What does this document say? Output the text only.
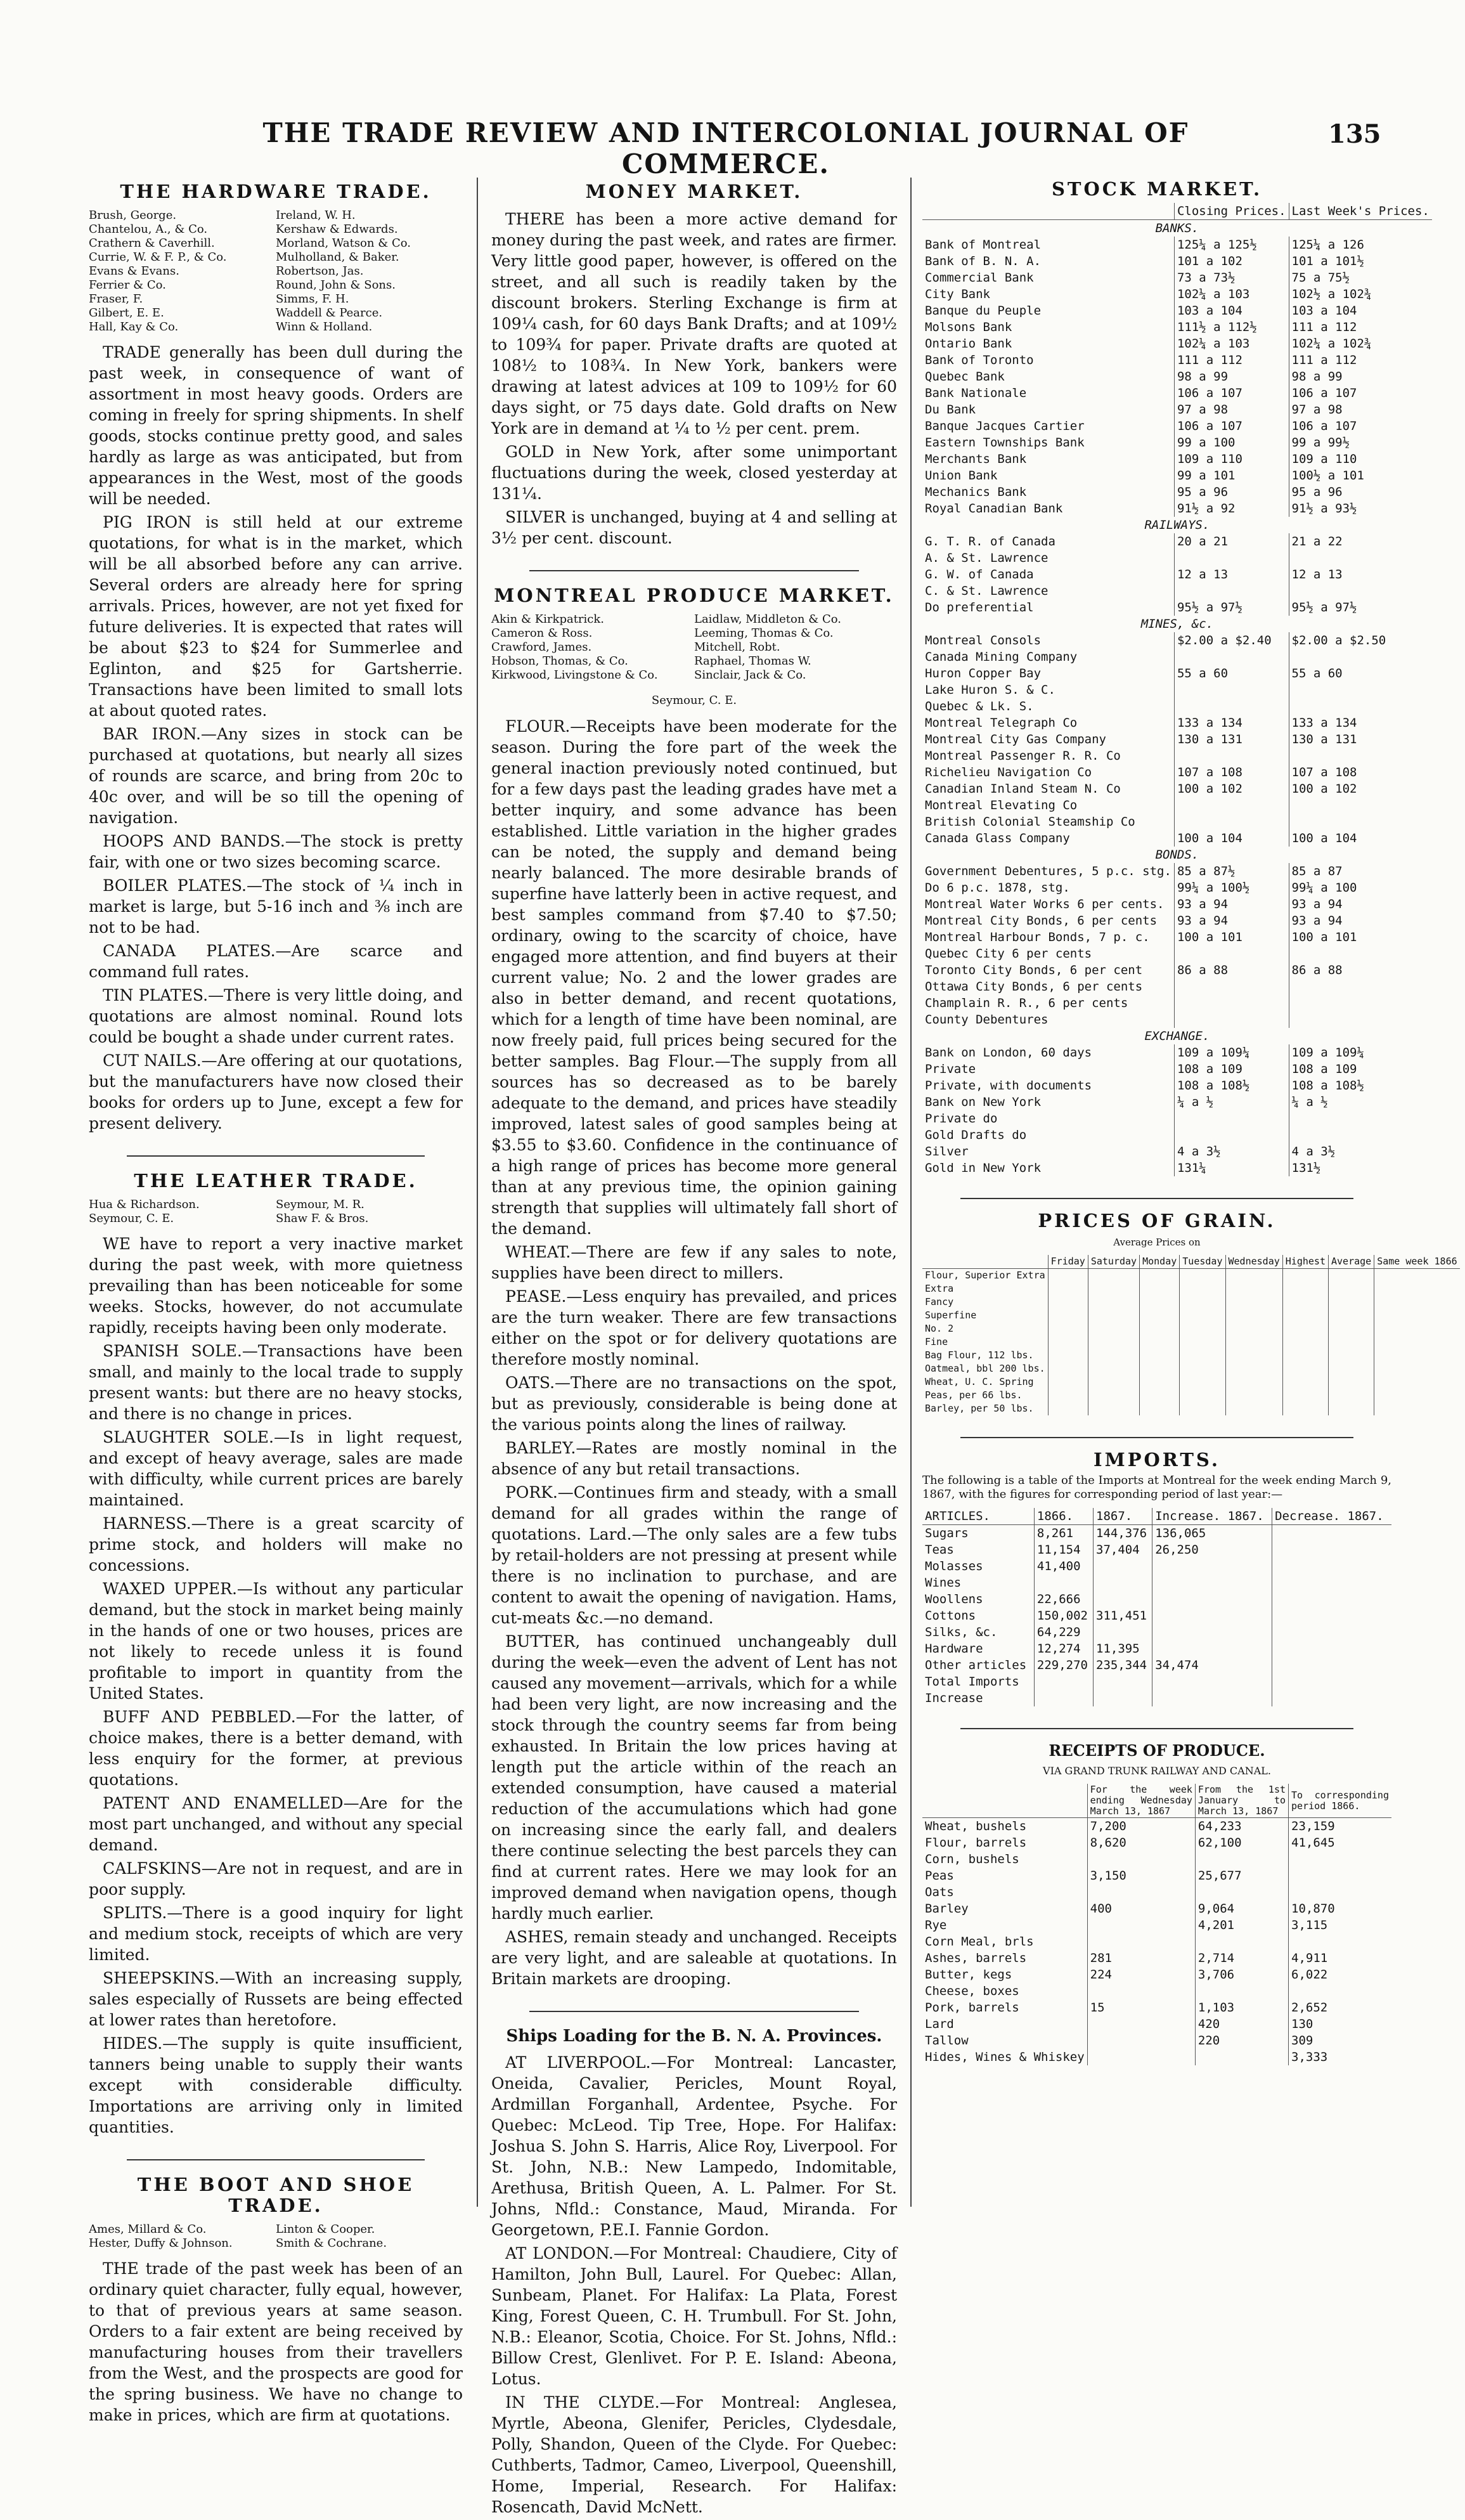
THE TRADE REVIEW AND INTERCOLONIAL JOURNAL OF COMMERCE.
135
THE HARDWARE TRADE.
Brush, George.
Chantelou, A., & Co.
Crathern & Caverhill.
Currie, W. & F. P., & Co.
Evans & Evans.
Ferrier & Co.
Fraser, F.
Gilbert, E. E.
Hall, Kay & Co.
Ireland, W. H.
Kershaw & Edwards.
Morland, Watson & Co.
Mulholland, & Baker.
Robertson, Jas.
Round, John & Sons.
Simms, F. H.
Waddell & Pearce.
Winn & Holland.

TRADE generally has been dull during the past week, in consequence of want of assortment in most heavy goods. Orders are coming in freely for spring shipments. In shelf goods, stocks continue pretty good, and sales hardly as large as was anticipated, but from appearances in the West, most of the goods will be needed.

PIG IRON is still held at our extreme quotations, for what is in the market, which will be all absorbed before any can arrive. Several orders are already here for spring arrivals. Prices, however, are not yet fixed for future deliveries. It is expected that rates will be about $23 to $24 for Summerlee and Eglinton, and $25 for Gartsherrie. Transactions have been limited to small lots at about quoted rates.

BAR IRON.—Any sizes in stock can be purchased at quotations, but nearly all sizes of rounds are scarce, and bring from 20c to 40c over, and will be so till the opening of navigation.

HOOPS AND BANDS.—The stock is pretty fair, with one or two sizes becoming scarce.

BOILER PLATES.—The stock of ¼ inch in market is large, but 5-16 inch and ⅜ inch are not to be had.

CANADA PLATES.—Are scarce and command full rates.

TIN PLATES.—There is very little doing, and quotations are almost nominal. Round lots could be bought a shade under current rates.

CUT NAILS.—Are offering at our quotations, but the manufacturers have now closed their books for orders up to June, except a few for present delivery.

THE LEATHER TRADE.
Hua & Richardson.
Seymour, C. E.
Seymour, M. R.
Shaw F. & Bros.

WE have to report a very inactive market during the past week, with more quietness prevailing than has been noticeable for some weeks. Stocks, however, do not accumulate rapidly, receipts having been only moderate.

SPANISH SOLE.—Transactions have been small, and mainly to the local trade to supply present wants: but there are no heavy stocks, and there is no change in prices.

SLAUGHTER SOLE.—Is in light request, and except of heavy average, sales are made with difficulty, while current prices are barely maintained.

HARNESS.—There is a great scarcity of prime stock, and holders will make no concessions.

WAXED UPPER.—Is without any particular demand, but the stock in market being mainly in the hands of one or two houses, prices are not likely to recede unless it is found profitable to import in quantity from the United States.

BUFF AND PEBBLED.—For the latter, of choice makes, there is a better demand, with less enquiry for the former, at previous quotations.

PATENT AND ENAMELLED—Are for the most part unchanged, and without any special demand.

CALFSKINS—Are not in request, and are in poor supply.

SPLITS.—There is a good inquiry for light and medium stock, receipts of which are very limited.

SHEEPSKINS.—With an increasing supply, sales especially of Russets are being effected at lower rates than heretofore.

HIDES.—The supply is quite insufficient, tanners being unable to supply their wants except with considerable difficulty. Importations are arriving only in limited quantities.

THE BOOT AND SHOE TRADE.
Ames, Millard & Co.
Hester, Duffy & Johnson.
Linton & Cooper.
Smith & Cochrane.

THE trade of the past week has been of an ordinary quiet character, fully equal, however, to that of previous years at same season. Orders to a fair extent are being received by manufacturing houses from their travellers from the West, and the prospects are good for the spring business. We have no change to make in prices, which are firm at quotations.

MONEY MARKET.

THERE has been a more active demand for money during the past week, and rates are firmer. Very little good paper, however, is offered on the street, and all such is readily taken by the discount brokers. Sterling Exchange is firm at 109¼ cash, for 60 days Bank Drafts; and at 109½ to 109¾ for paper. Private drafts are quoted at 108½ to 108¾. In New York, bankers were drawing at latest advices at 109 to 109½ for 60 days sight, or 75 days date. Gold drafts on New York are in demand at ¼ to ½ per cent. prem.

GOLD in New York, after some unimportant fluctuations during the week, closed yesterday at 131¼.

SILVER is unchanged, buying at 4 and selling at 3½ per cent. discount.

MONTREAL PRODUCE MARKET.
Akin & Kirkpatrick.
Cameron & Ross.
Crawford, James.
Hobson, Thomas, & Co.
Kirkwood, Livingstone & Co.
Laidlaw, Middleton & Co.
Leeming, Thomas & Co.
Mitchell, Robt.
Raphael, Thomas W.
Sinclair, Jack & Co.
Seymour, C. E.

FLOUR.—Receipts have been moderate for the season. During the fore part of the week the general inaction previously noted continued, but for a few days past the leading grades have met a better inquiry, and some advance has been established. Little variation in the higher grades can be noted, the supply and demand being nearly balanced. The more desirable brands of superfine have latterly been in active request, and best samples command from $7.40 to $7.50; ordinary, owing to the scarcity of choice, have engaged more attention, and find buyers at their current value; No. 2 and the lower grades are also in better demand, and recent quotations, which for a length of time have been nominal, are now freely paid, full prices being secured for the better samples. Bag Flour.—The supply from all sources has so decreased as to be barely adequate to the demand, and prices have steadily improved, latest sales of good samples being at $3.55 to $3.60. Confidence in the continuance of a high range of prices has become more general than at any previous time, the opinion gaining strength that supplies will ultimately fall short of the demand.

WHEAT.—There are few if any sales to note, supplies have been direct to millers.

PEASE.—Less enquiry has prevailed, and prices are the turn weaker. There are few transactions either on the spot or for delivery quotations are therefore mostly nominal.

OATS.—There are no transactions on the spot, but as previously, considerable is being done at the various points along the lines of railway.

BARLEY.—Rates are mostly nominal in the absence of any but retail transactions.

PORK.—Continues firm and steady, with a small demand for all grades within the range of quotations. Lard.—The only sales are a few tubs by retail-holders are not pressing at present while there is no inclination to purchase, and are content to await the opening of navigation. Hams, cut-meats &c.—no demand.

BUTTER, has continued unchangeably dull during the week—even the advent of Lent has not caused any movement—arrivals, which for a while had been very light, are now increasing and the stock through the country seems far from being exhausted. In Britain the low prices having at length put the article within of the reach an extended consumption, have caused a material reduction of the accumulations which had gone on increasing since the early fall, and dealers there continue selecting the best parcels they can find at current rates. Here we may look for an improved demand when navigation opens, though hardly much earlier.

ASHES, remain steady and unchanged. Receipts are very light, and are saleable at quotations. In Britain markets are drooping.

Ships Loading for the B. N. A. Provinces.

AT LIVERPOOL.—For Montreal: Lancaster, Oneida, Cavalier, Pericles, Mount Royal, Ardmillan Forganhall, Ardentee, Psyche. For Quebec: McLeod. Tip Tree, Hope. For Halifax: Joshua S. John S. Harris, Alice Roy, Liverpool. For St. John, N.B.: New Lampedo, Indomitable, Arethusa, British Queen, A. L. Palmer. For St. Johns, Nfld.: Constance, Maud, Miranda. For Georgetown, P.E.I. Fannie Gordon.

AT LONDON.—For Montreal: Chaudiere, City of Hamilton, John Bull, Laurel. For Quebec: Allan, Sunbeam, Planet. For Halifax: La Plata, Forest King, Forest Queen, C. H. Trumbull. For St. John, N.B.: Eleanor, Scotia, Choice. For St. Johns, Nfld.: Billow Crest, Glenlivet. For P. E. Island: Abeona, Lotus.

IN THE CLYDE.—For Montreal: Anglesea, Myrtle, Abeona, Glenifer, Pericles, Clydesdale, Polly, Shandon, Queen of the Clyde. For Quebec: Cuthberts, Tadmor, Cameo, Liverpool, Queenshill, Home, Imperial, Research. For Halifax: Rosencath, David McNett.

STOCK MARKET.
	Closing Prices.	Last Week's Prices.
BANKS.		
Bank of Montreal	125¼ a 125½	125¼ a 126
Bank of B. N. A.	101 a 102	101 a 101½
Commercial Bank	73 a 73½	75 a 75½
City Bank	102¼ a 103	102½ a 102¾
Banque du Peuple	103 a 104	103 a 104
Molsons Bank	111½ a 112½	111 a 112
Ontario Bank	102¼ a 103	102¼ a 102¾
Bank of Toronto	111 a 112	111 a 112
Quebec Bank	98 a 99	98 a 99
Bank Nationale	106 a 107	106 a 107
Du Bank	97 a 98	97 a 98
Banque Jacques Cartier	106 a 107	106 a 107
Eastern Townships Bank	99 a 100	99 a 99½
Merchants Bank	109 a 110	109 a 110
Union Bank	99 a 101	100½ a 101
Mechanics Bank	95 a 96	95 a 96
Royal Canadian Bank	91½ a 92	91½ a 93½
RAILWAYS.		
G. T. R. of Canada	20 a 21	21 a 22
A. & St. Lawrence		
G. W. of Canada	12 a 13	12 a 13
C. & St. Lawrence		
Do preferential	95½ a 97½	95½ a 97½
MINES, &c.		
Montreal Consols	$2.00 a $2.40	$2.00 a $2.50
Canada Mining Company		
Huron Copper Bay	55 a 60	55 a 60
Lake Huron S. & C.		
Quebec & Lk. S.		
Montreal Telegraph Co	133 a 134	133 a 134
Montreal City Gas Company	130 a 131	130 a 131
Montreal Passenger R. R. Co		
Richelieu Navigation Co	107 a 108	107 a 108
Canadian Inland Steam N. Co	100 a 102	100 a 102
Montreal Elevating Co		
British Colonial Steamship Co		
Canada Glass Company	100 a 104	100 a 104
BONDS.		
Government Debentures, 5 p.c. stg.	85 a 87½	85 a 87
Do 6 p.c. 1878, stg.	99¼ a 100½	99¼ a 100
Montreal Water Works 6 per cents.	93 a 94	93 a 94
Montreal City Bonds, 6 per cents	93 a 94	93 a 94
Montreal Harbour Bonds, 7 p. c.	100 a 101	100 a 101
Quebec City 6 per cents		
Toronto City Bonds, 6 per cent	86 a 88	86 a 88
Ottawa City Bonds, 6 per cents		
Champlain R. R., 6 per cents		
County Debentures		
EXCHANGE.		
Bank on London, 60 days	109 a 109¼	109 a 109¼
Private	108 a 109	108 a 109
Private, with documents	108 a 108½	108 a 108½
Bank on New York	¼ a ½	¼ a ½
Private do		
Gold Drafts do		
Silver	4 a 3½	4 a 3½
Gold in New York	131¼	131½
PRICES OF GRAIN.
Average Prices on
	Friday	Saturday	Monday	Tuesday	Wednesday	Highest	Average	Same week 1866
Flour, Superior Extra								
Extra								
Fancy								
Superfine								
No. 2								
Fine								
Bag Flour, 112 lbs.								
Oatmeal, bbl 200 lbs.								
Wheat, U. C. Spring								
Peas, per 66 lbs.								
Barley, per 50 lbs.								
IMPORTS.

The following is a table of the Imports at Montreal for the week ending March 9, 1867, with the figures for corresponding period of last year:—

ARTICLES.	1866.	1867.	Increase. 1867.	Decrease. 1867.
Sugars	8,261	144,376	136,065	
Teas	11,154	37,404	26,250	
Molasses	41,400			
Wines				
Woollens	22,666			
Cottons	150,002	311,451		
Silks, &c.	64,229			
Hardware	12,274	11,395		
Other articles	229,270	235,344	34,474	
Total Imports				
Increase				
RECEIPTS OF PRODUCE.
VIA GRAND TRUNK RAILWAY AND CANAL.
	For the week ending Wednesday March 13, 1867	From the 1st January to March 13, 1867	To corresponding period 1866.
Wheat, bushels	7,200	64,233	23,159
Flour, barrels	8,620	62,100	41,645
Corn, bushels			
Peas	3,150	25,677	
Oats			
Barley	400	9,064	10,870
Rye		4,201	3,115
Corn Meal, brls			
Ashes, barrels	281	2,714	4,911
Butter, kegs	224	3,706	6,022
Cheese, boxes			
Pork, barrels	15	1,103	2,652
Lard		420	130
Tallow		220	309
Hides, Wines & Whiskey			3,333
